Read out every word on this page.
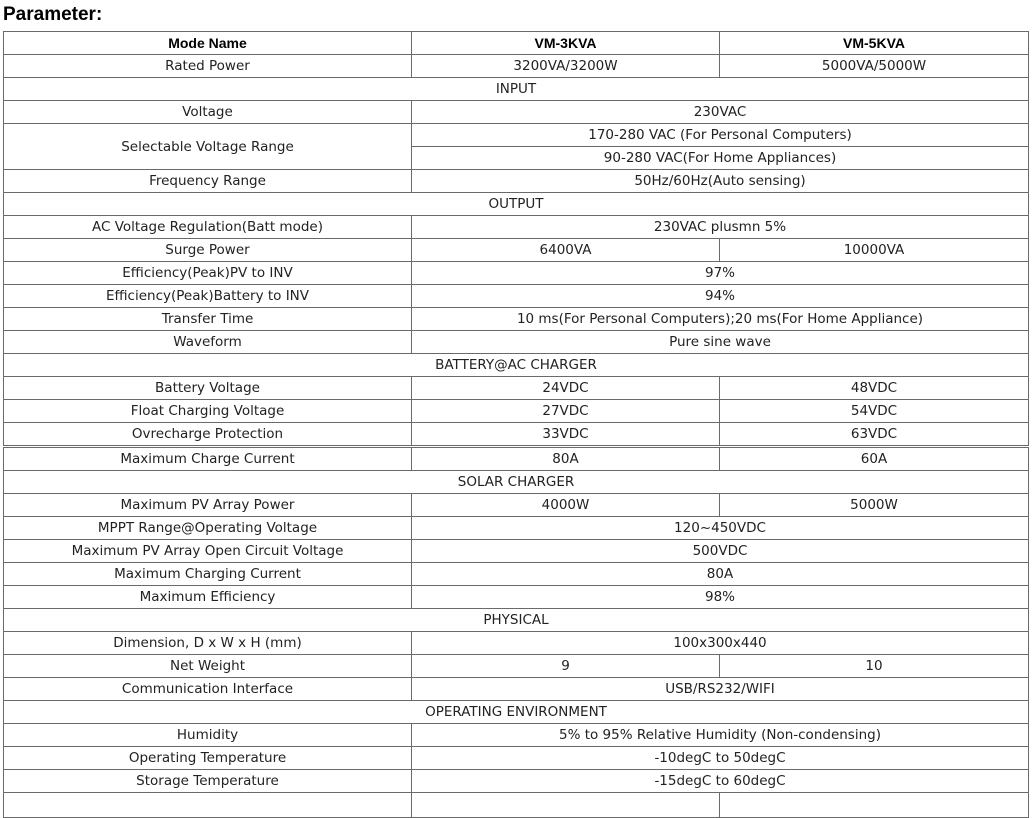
Parameter:
Mode Name	VM-3KVA	VM-5KVA
Rated Power	3200VA/3200W	5000VA/5000W
INPUT		
Voltage	230VAC	
Selectable Voltage Range	170-280 VAC (For Personal Computers)	
	90-280 VAC(For Home Appliances)	
Frequency Range	50Hz/60Hz(Auto sensing)	
OUTPUT		
AC Voltage Regulation(Batt mode)	230VAC plusmn 5%	
Surge Power	6400VA	10000VA
Efficiency(Peak)PV to INV	97%	
Efficiency(Peak)Battery to INV	94%	
Transfer Time	10 ms(For Personal Computers);20 ms(For Home Appliance)	
Waveform	Pure sine wave	
BATTERY@AC CHARGER		
Battery Voltage	24VDC	48VDC
Float Charging Voltage	27VDC	54VDC
Ovrecharge Protection	33VDC	63VDC
Maximum Charge Current	80A	60A
SOLAR CHARGER		
Maximum PV Array Power	4000W	5000W
MPPT Range@Operating Voltage	120~450VDC	
Maximum PV Array Open Circuit Voltage	500VDC	
Maximum Charging Current	80A	
Maximum Efficiency	98%	
PHYSICAL		
Dimension, D x W x H (mm)	100x300x440	
Net Weight	9	10
Communication Interface	USB/RS232/WIFI	
OPERATING ENVIRONMENT		
Humidity	5% to 95% Relative Humidity (Non-condensing)	
Operating Temperature	-10degC to 50degC	
Storage Temperature	-15degC to 60degC	
